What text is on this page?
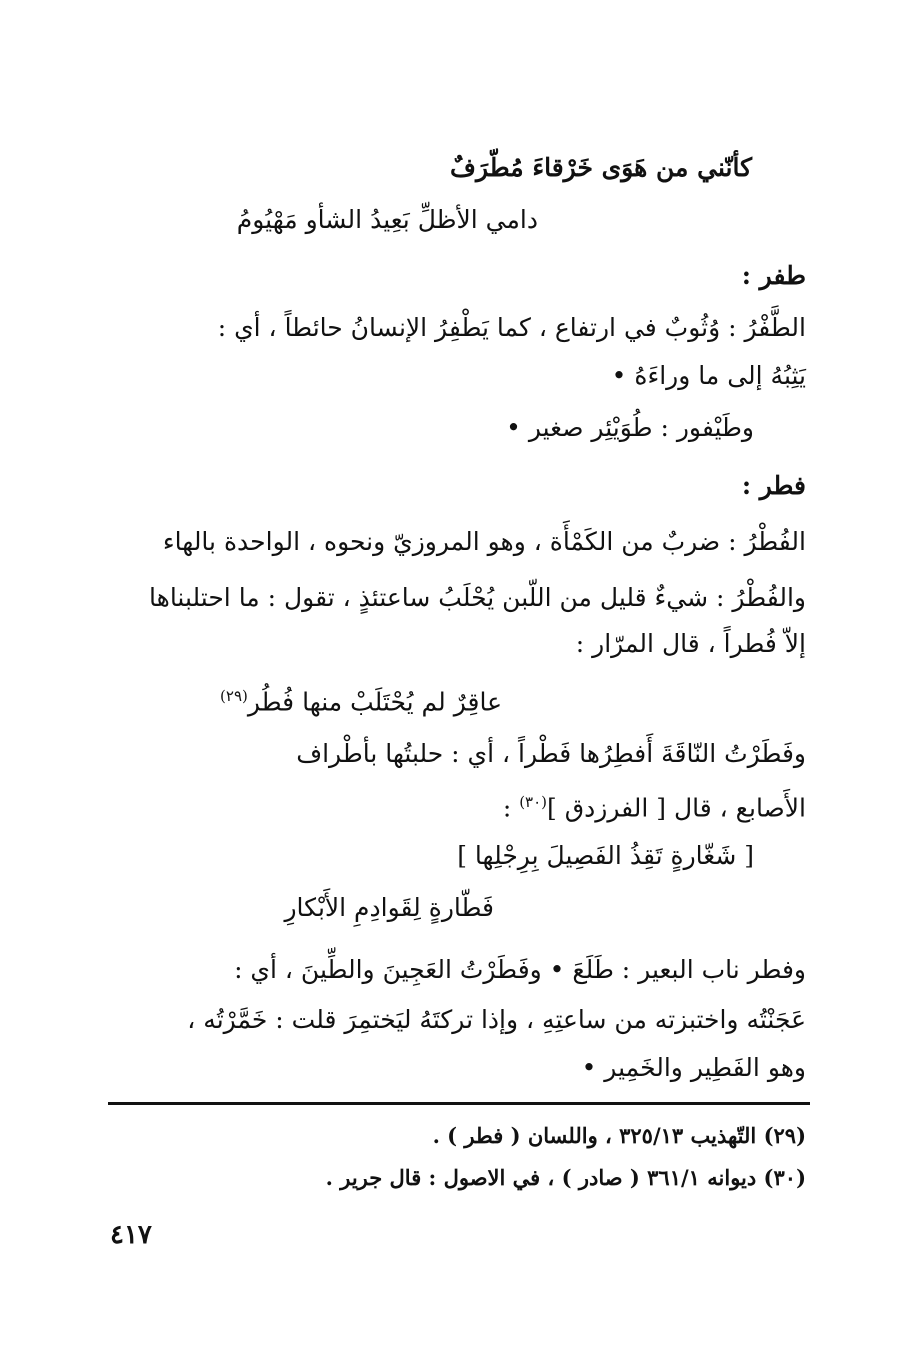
كأنّني من هَوَى خَرْقاءَ مُطّرَفٌ
دامي الأظلِّ بَعِيدُ الشأو مَهْيُومُ
طفر :
الطَّفْرُ : وُثُوبٌ في ارتفاع ، كما يَطْفِرُ الإنسانُ حائطاً ، أي :
يَثِبُهُ إلى ما وراءَهُ •
وطَيْفور : طُوَيْئِر صغير •
فطر :
الفُطْرُ : ضربٌ من الكَمْأَة ، وهو المروزيّ ونحوه ، الواحدة بالهاء
والفُطْرُ : شيءٌ قليل من اللّبن يُحْلَبُ ساعتئذٍ ، تقول : ما احتلبناها
إلاّ فُطراً ، قال المرّار :
عاقِرٌ لم يُحْتَلَبْ منها فُطُر$^{(٢٩)}$
وفَطَرْتُ النّاقَةَ أَفطِرُها فَطْراً ، أي : حلبتُها بأطْراف
الأَصابع ، قال [ الفرزدق ]$^{(٣٠)}$ :
[ شَغّارةٍ تَقِذُ الفَصِيلَ بِرِجْلِها ]
فَطّارةٍ لِقَوادِمِ الأَبْكارِ
وفطر ناب البعير : طَلَعَ • وفَطَرْتُ العَجِينَ والطِّينَ ، أي :
عَجَنْتُه واختبزته من ساعتِهِ ، وإذا تركتَهُ ليَختمِرَ قلت : خَمَّرْتُه ،
وهو الفَطِير والخَمِير •
(٢٩) التّهذيب ٣٢٥/١٣ ، واللسان ( فطر ) .
(٣٠) ديوانه ٣٦١/١ ( صادر ) ، في الاصول : قال جرير .
٤١٧
